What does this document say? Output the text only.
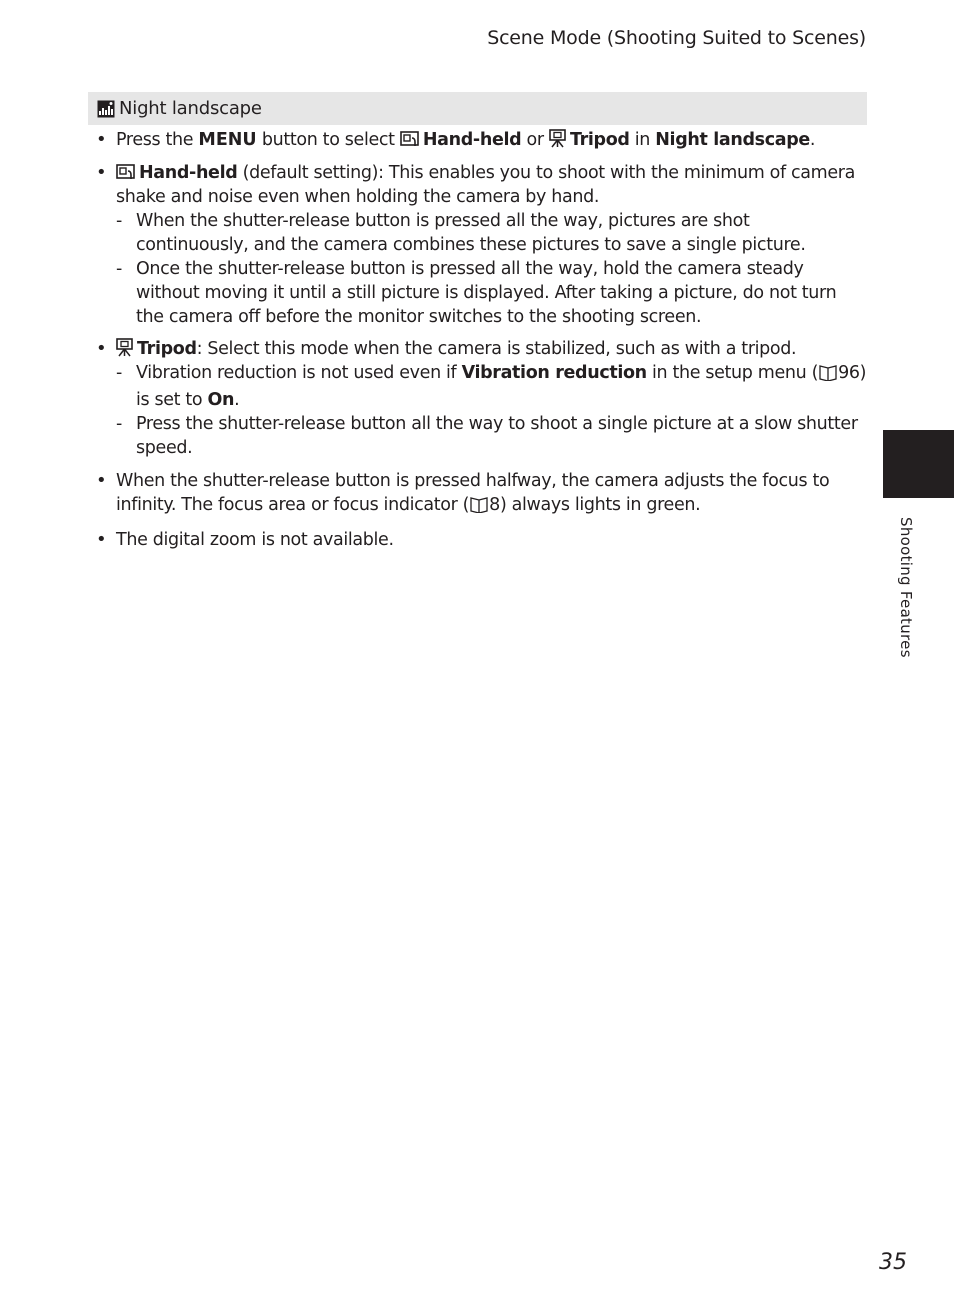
Scene Mode (Shooting Suited to Scenes)
Night landscape
• Press the MENU button to select
Hand-held or
Tripod in Night landscape.
• Hand-held (default setting): This enables you to shoot with the minimum of camera shake and noise even when holding the camera by hand.
- When the shutter-release button is pressed all the way, pictures are shot continuously, and the camera combines these pictures to save a single picture.
- Once the shutter-release button is pressed all the way, hold the camera steady without moving it until a still picture is displayed. After taking a picture, do not turn the camera off before the monitor switches to the shooting screen.
• Tripod: Select this mode when the camera is stabilized, such as with a tripod.
- Vibration reduction is not used even if Vibration reduction in the setup menu ( 96) is set to On.
- Press the shutter-release button all the way to shoot a single picture at a slow shutter speed.
• When the shutter-release button is pressed halfway, the camera adjusts the focus to infinity. The focus area or focus indicator ( 8) always lights in green.
• The digital zoom is not available.	Shooting Features
35
